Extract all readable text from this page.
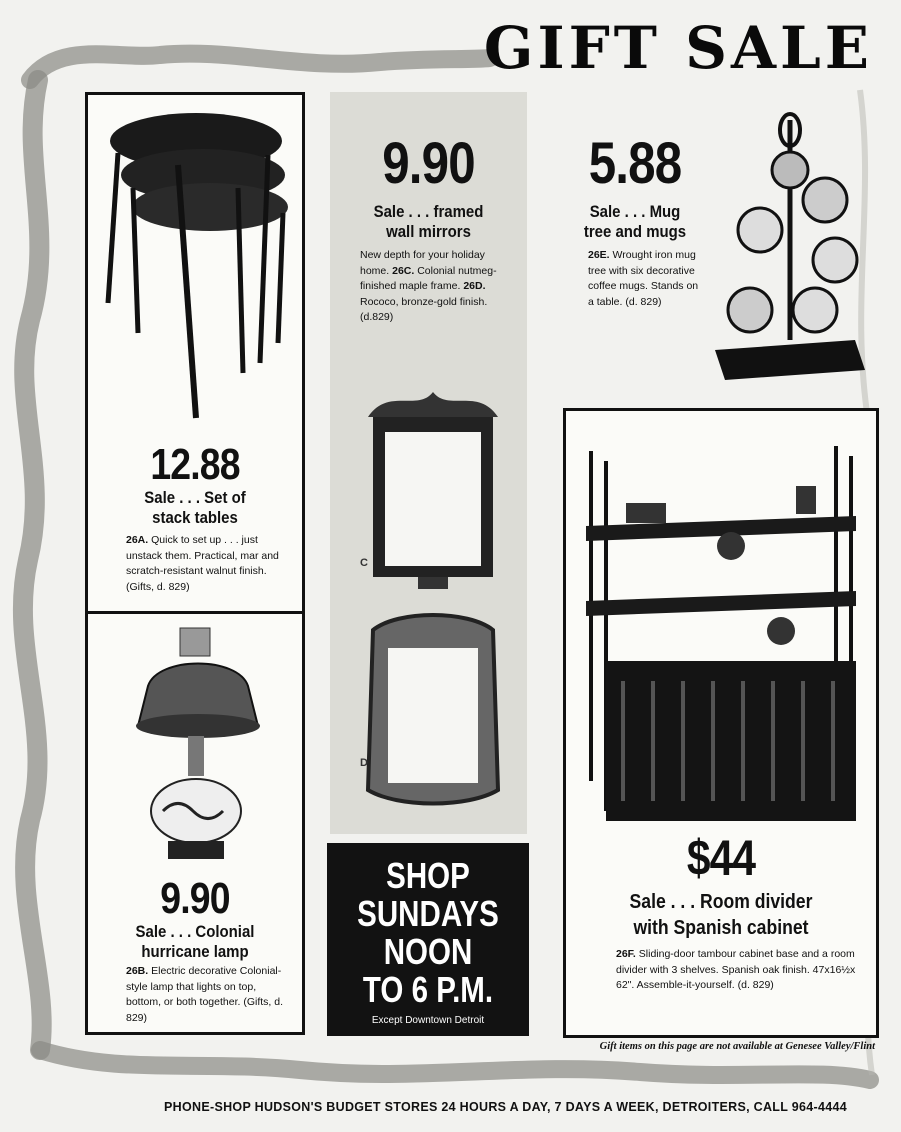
GIFT SALE
12.88
Sale . . . Set of
stack tables
26A. Quick to set up . . . just unstack them. Practical, mar and scratch-resistant walnut finish. (Gifts, d. 829)
9.90
Sale . . . Colonial
hurricane lamp
26B. Electric decorative Colonial-style lamp that lights on top, bottom, or both together. (Gifts, d. 829)
9.90
Sale . . . framed
wall mirrors
New depth for your holiday home. 26C. Colonial nutmeg-finished maple frame. 26D. Rococo, bronze-gold finish.(d.829)
C
D
SHOP
SUNDAYS
NOON
TO 6 P.M.
Except Downtown Detroit
5.88
Sale . . . Mug
tree and mugs
26E. Wrought iron mug tree with six decorative coffee mugs. Stands on a table. (d. 829)
$44
Sale . . . Room divider
with Spanish cabinet
26F. Sliding-door tambour cabinet base and a room divider with 3 shelves. Spanish oak finish. 47x16½x 62". Assemble-it-yourself. (d. 829)
Gift items on this page are not available at Genesee Valley/Flint
PHONE-SHOP HUDSON'S BUDGET STORES 24 HOURS A DAY, 7 DAYS A WEEK, DETROITERS, CALL 964-4444
